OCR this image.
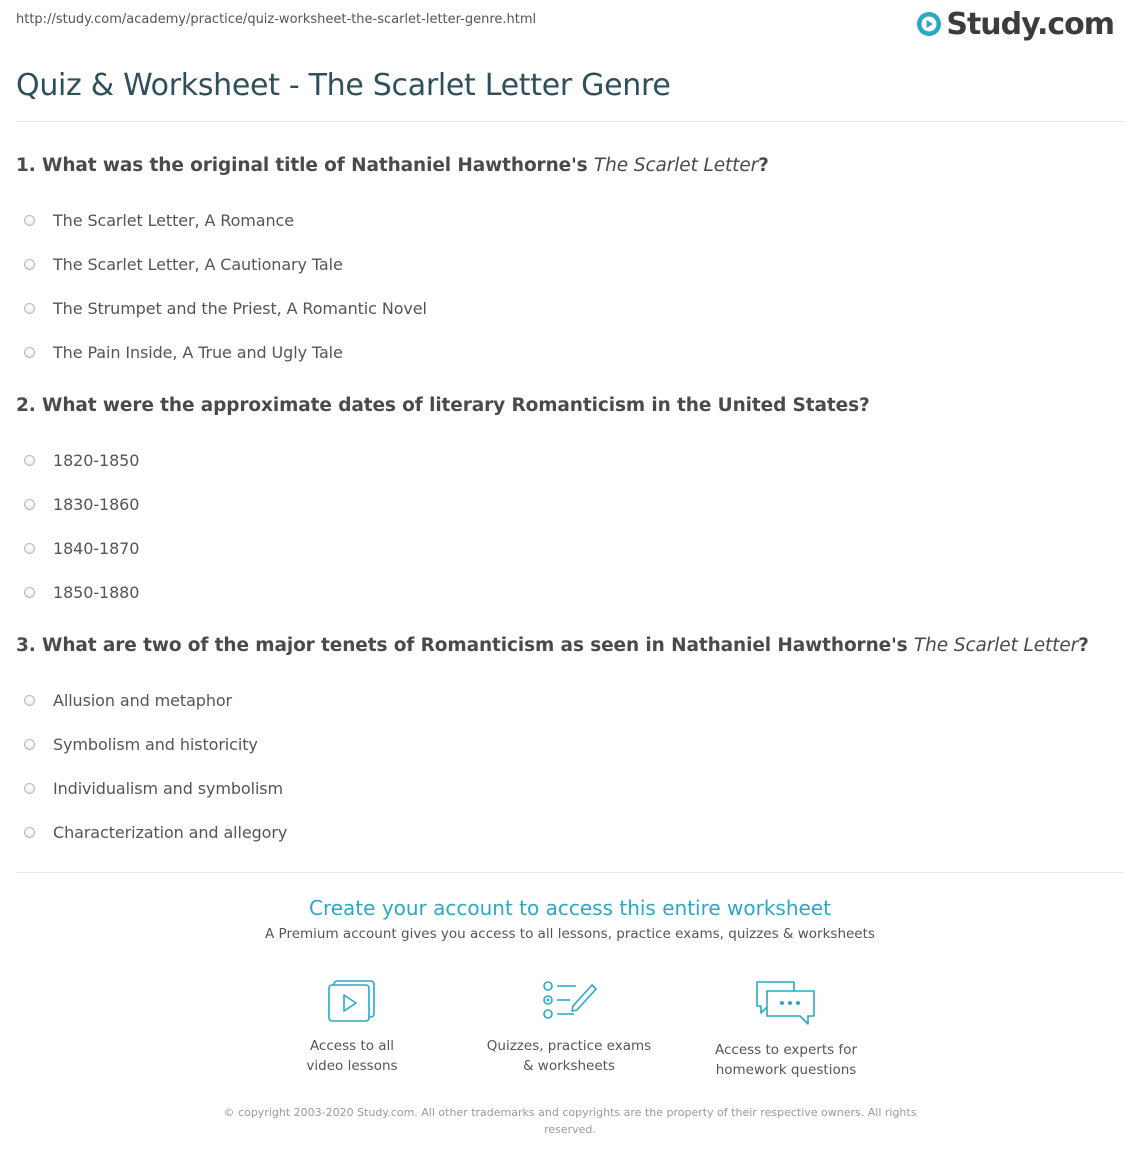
http://study.com/academy/practice/quiz-worksheet-the-scarlet-letter-genre.html	Study.com
Quiz & Worksheet - The Scarlet Letter Genre

1. What was the original title of Nathaniel Hawthorne's The Scarlet Letter?

The Scarlet Letter, A Romance
The Scarlet Letter, A Cautionary Tale
The Strumpet and the Priest, A Romantic Novel
The Pain Inside, A True and Ugly Tale

2. What were the approximate dates of literary Romanticism in the United States?

1820-1850
1830-1860
1840-1870
1850-1880

3. What are two of the major tenets of Romanticism as seen in Nathaniel Hawthorne's The Scarlet Letter?

Allusion and metaphor
Symbolism and historicity
Individualism and symbolism
Characterization and allegory
Create your account to access this entire worksheet
A Premium account gives you access to all lessons, practice exams, quizzes & worksheets
Access to all
video lessons
Quizzes, practice exams
& worksheets
Access to experts for
homework questions
© copyright 2003-2020 Study.com. All other trademarks and copyrights are the property of their respective owners. All rights
reserved.
